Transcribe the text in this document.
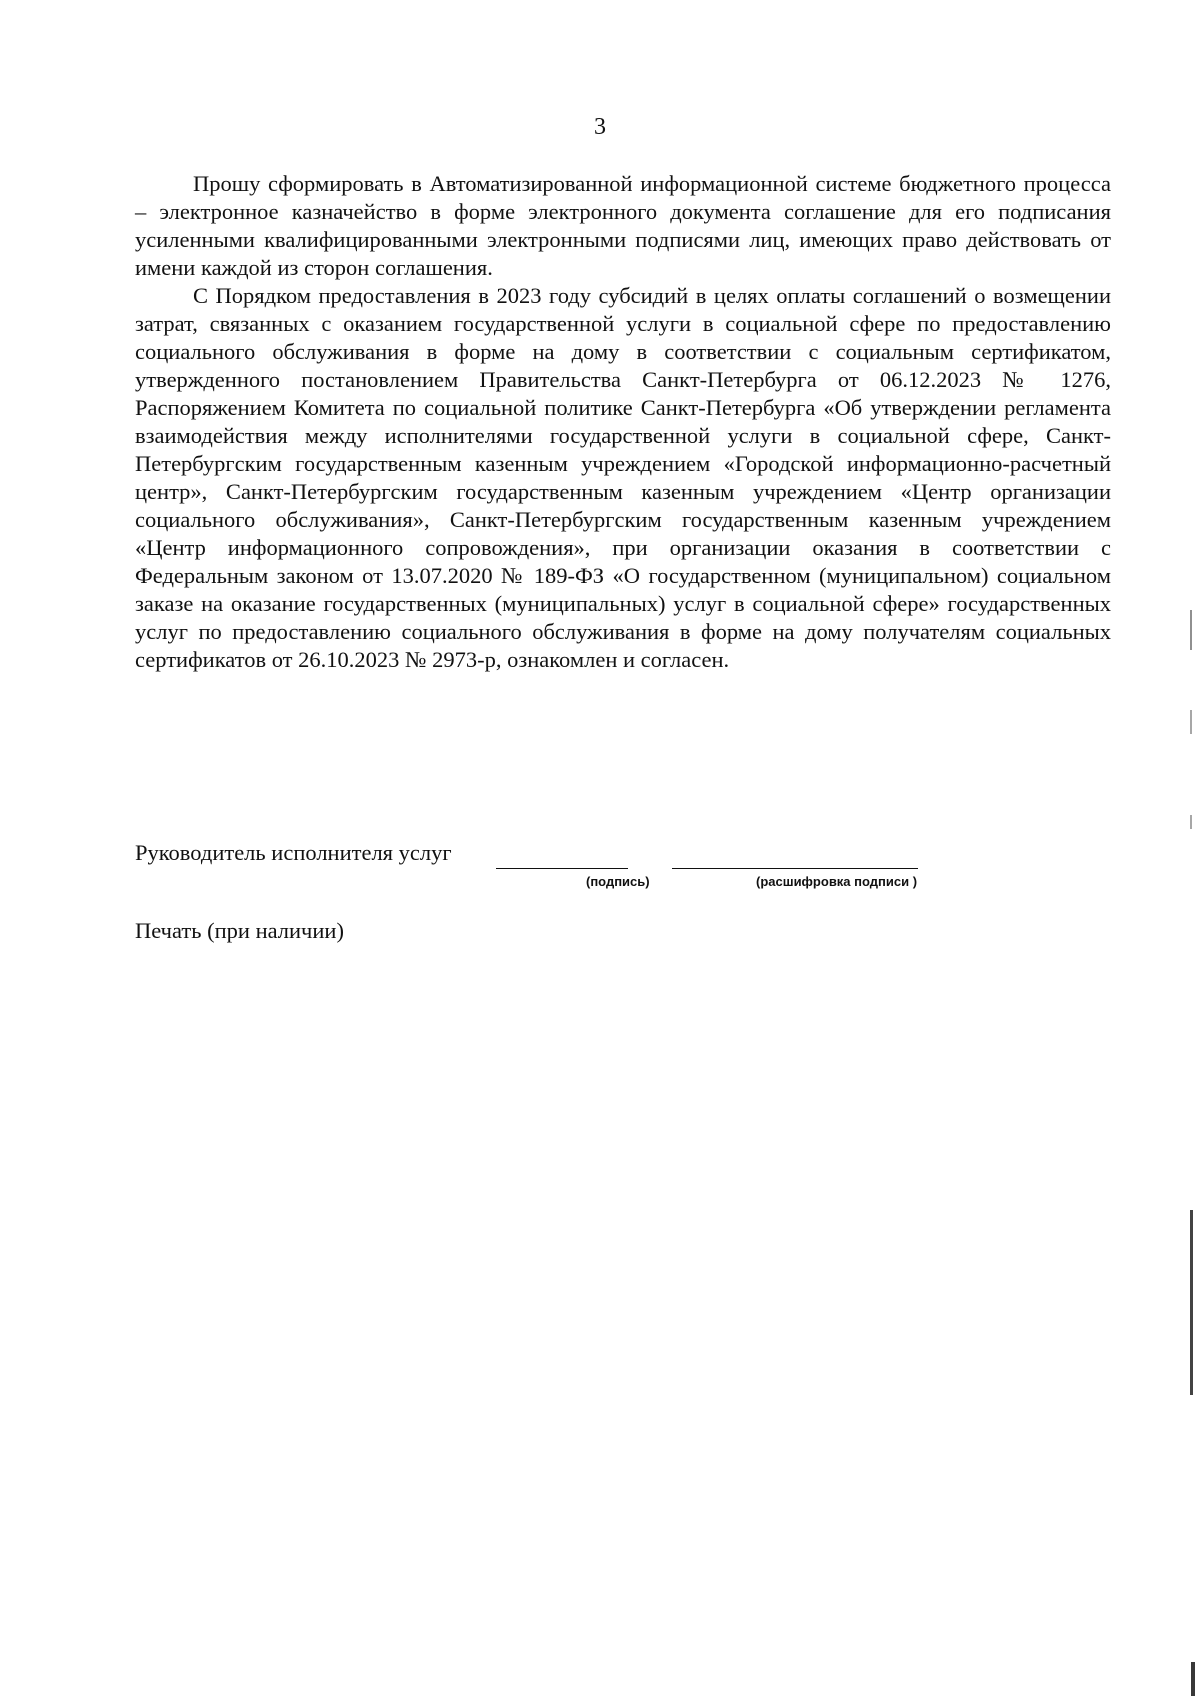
3

Прошу сформировать в Автоматизированной информационной системе бюджетного процесса – электронное казначейство в форме электронного документа соглашение для его подписания усиленными квалифицированными электронными подписями лиц, имеющих право действовать от имени каждой из сторон соглашения.

С Порядком предоставления в 2023 году субсидий в целях оплаты соглашений о возмещении затрат, связанных с оказанием государственной услуги в социальной сфере по предоставлению социального обслуживания в форме на дому в соответствии с социальным сертификатом, утвержденного постановлением Правительства Санкт-Петербурга от 06.12.2023 № 1276, Распоряжением Комитета по социальной политике Санкт-Петербурга «Об утверждении регламента взаимодействия между исполнителями государственной услуги в социальной сфере, Санкт-Петербургским государственным казенным учреждением «Городской информационно-расчетный центр», Санкт-Петербургским государственным казенным учреждением «Центр организации социального обслуживания», Санкт-Петербургским государственным казенным учреждением «Центр информационного сопровождения», при организации оказания в соответствии с Федеральным законом от 13.07.2020 № 189-ФЗ «О государственном (муниципальном) социальном заказе на оказание государственных (муниципальных) услуг в социальной сфере» государственных услуг по предоставлению социального обслуживания в форме на дому получателям социальных сертификатов от 26.10.2023 № 2973-р, ознакомлен и согласен.

Руководитель исполнителя услуг
(подпись)	(расшифровка подписи )
Печать (при наличии)
